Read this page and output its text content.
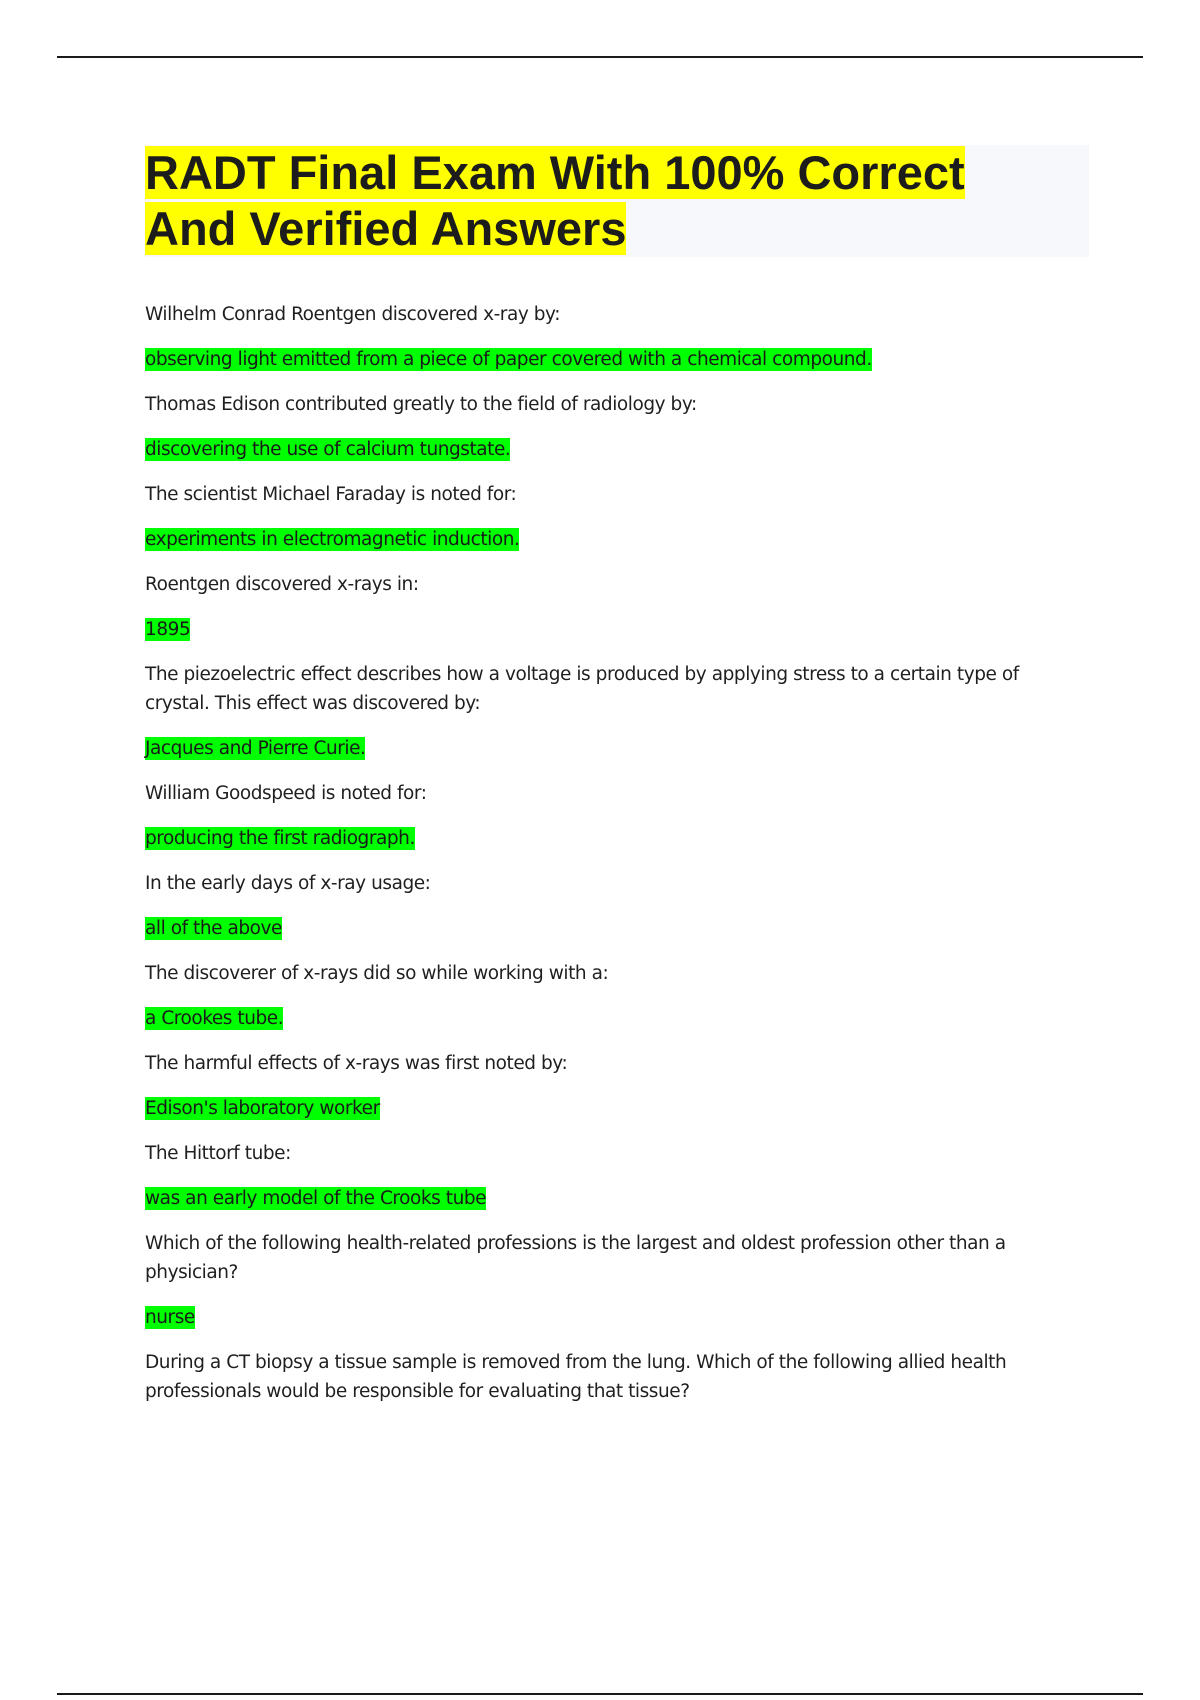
RADT Final Exam With 100% Correct
And Verified Answers

Wilhelm Conrad Roentgen discovered x-ray by:

observing light emitted from a piece of paper covered with a chemical compound.

Thomas Edison contributed greatly to the field of radiology by:

discovering the use of calcium tungstate.

The scientist Michael Faraday is noted for:

experiments in electromagnetic induction.

Roentgen discovered x-rays in:

1895

The piezoelectric effect describes how a voltage is produced by applying stress to a certain type of crystal. This effect was discovered by:

Jacques and Pierre Curie.

William Goodspeed is noted for:

producing the first radiograph.

In the early days of x-ray usage:

all of the above

The discoverer of x-rays did so while working with a:

a Crookes tube.

The harmful effects of x-rays was first noted by:

Edison's laboratory worker

The Hittorf tube:

was an early model of the Crooks tube

Which of the following health-related professions is the largest and oldest profession other than a physician?

nurse

During a CT biopsy a tissue sample is removed from the lung. Which of the following allied health professionals would be responsible for evaluating that tissue?
